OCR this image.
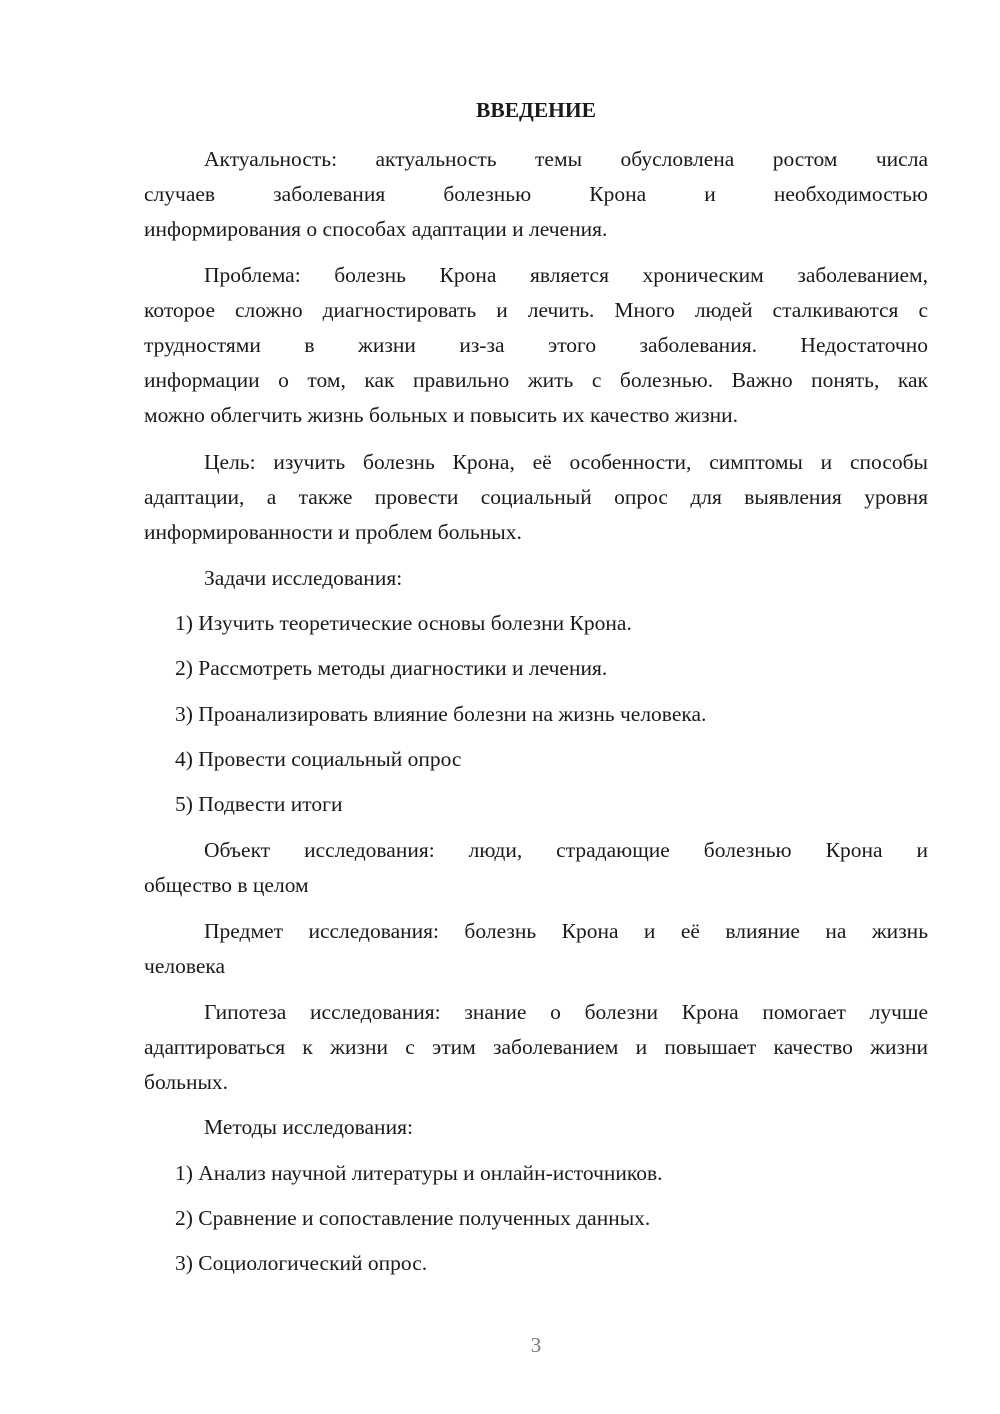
ВВЕДЕНИЕ
Актуальность: актуальность темы обусловлена ростом числа
случаев заболевания болезнью Крона и необходимостью
информирования о способах адаптации и лечения.
Проблема: болезнь Крона является хроническим заболеванием,
которое сложно диагностировать и лечить. Много людей сталкиваются с
трудностями в жизни из-за этого заболевания. Недостаточно
информации о том, как правильно жить с болезнью. Важно понять, как
можно облегчить жизнь больных и повысить их качество жизни.
Цель: изучить болезнь Крона, её особенности, симптомы и способы
адаптации, а также провести социальный опрос для выявления уровня
информированности и проблем больных.
Задачи исследования:
1) Изучить теоретические основы болезни Крона.
2) Рассмотреть методы диагностики и лечения.
3) Проанализировать влияние болезни на жизнь человека.
4) Провести социальный опрос
5) Подвести итоги
Объект исследования: люди, страдающие болезнью Крона и
общество в целом
Предмет исследования: болезнь Крона и её влияние на жизнь
человека
Гипотеза исследования: знание о болезни Крона помогает лучше
адаптироваться к жизни с этим заболеванием и повышает качество жизни
больных.
Методы исследования:
1) Анализ научной литературы и онлайн-источников.
2) Сравнение и сопоставление полученных данных.
3) Социологический опрос.
3
